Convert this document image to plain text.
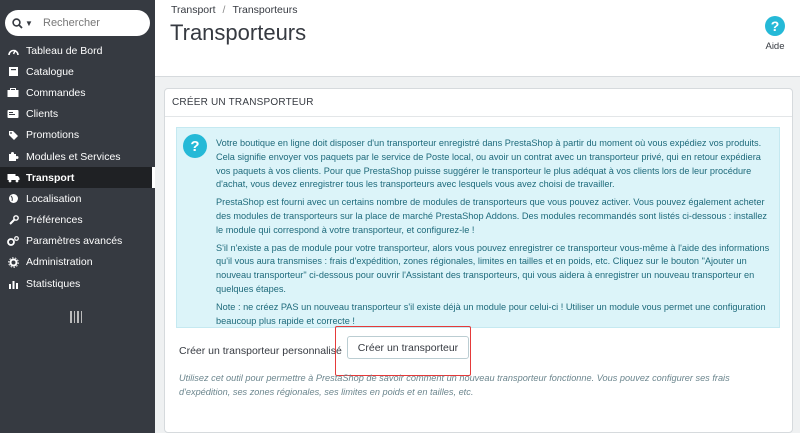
▼
Rechercher
Tableau de Bord
Catalogue
Commandes
Clients
Promotions
Modules et Services
Transport
Localisation
Préférences
Paramètres avancés
Administration
Statistiques
Transport / Transporteurs
Transporteurs	?
Aide
CRÉER UN TRANSPORTEUR
?	Votre boutique en ligne doit disposer d'un transporteur enregistré dans PrestaShop à partir du moment où vous expédiez vos produits. Cela signifie envoyer vos paquets par le service de Poste local, ou avoir un contrat avec un transporteur privé, qui en retour expédiera vos paquets à vos clients. Pour que PrestaShop puisse suggérer le transporteur le plus adéquat à vos clients lors de leur procédure d'achat, vous devez enregistrer tous les transporteurs avec lesquels vous avez choisi de travailler.

PrestaShop est fourni avec un certains nombre de modules de transporteurs que vous pouvez activer. Vous pouvez également acheter des modules de transporteurs sur la place de marché PrestaShop Addons. Des modules recommandés sont listés ci-dessous : installez le module qui correspond à votre transporteur, et configurez-le !

S'il n'existe a pas de module pour votre transporteur, alors vous pouvez enregistrer ce transporteur vous-même à l'aide des informations qu'il vous aura transmises : frais d'expédition, zones régionales, limites en tailles et en poids, etc. Cliquez sur le bouton "Ajouter un nouveau transporteur" ci-dessous pour ouvrir l'Assistant des transporteurs, qui vous aidera à enregistrer un nouveau transporteur en quelques étapes.

Note : ne créez PAS un nouveau transporteur s'il existe déjà un module pour celui-ci ! Utiliser un module vous permet une configuration beaucoup plus rapide et correcte !

Créer un transporteur personnalisé	Créer un transporteur

Utilisez cet outil pour permettre à PrestaShop de savoir comment un nouveau transporteur fonctionne. Vous pouvez configurer ses frais d'expédition, ses zones régionales, ses limites en poids et en tailles, etc.
